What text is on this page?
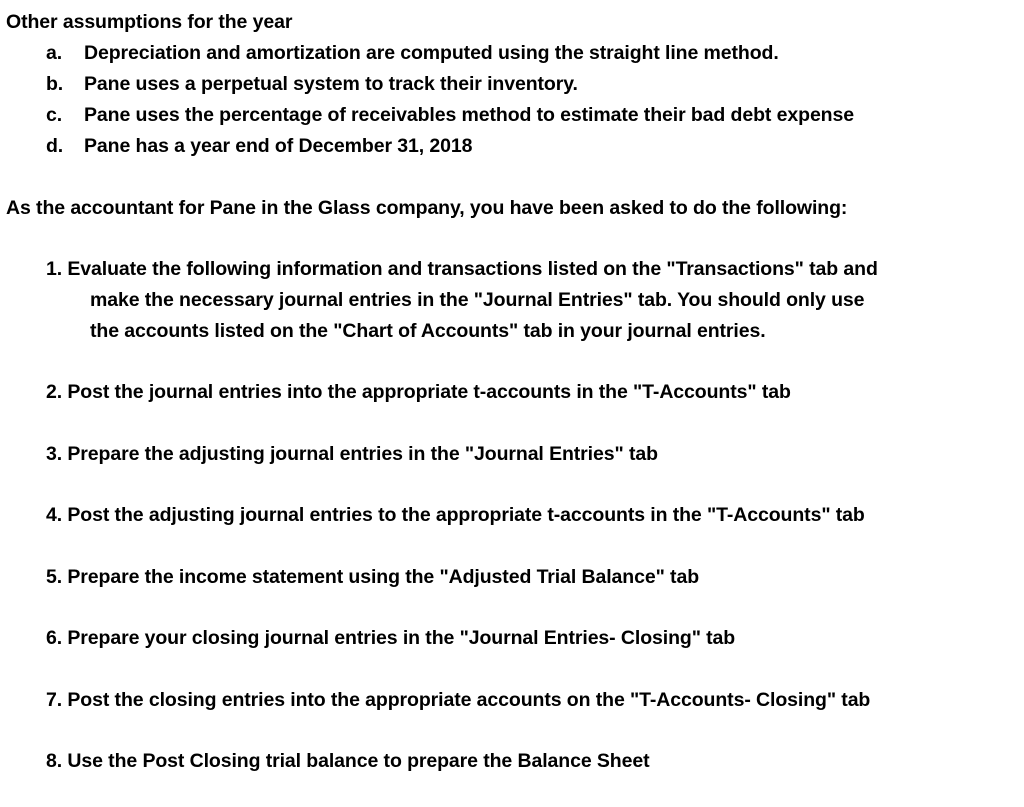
Other assumptions for the year
a. Depreciation and amortization are computed using the straight line method.
b. Pane uses a perpetual system to track their inventory.
c. Pane uses the percentage of receivables method to estimate their bad debt expense
d. Pane has a year end of December 31, 2018
As the accountant for Pane in the Glass company, you have been asked to do the following:
1. Evaluate the following information and transactions listed on the "Transactions" tab and
make the necessary journal entries in the "Journal Entries" tab. You should only use
the accounts listed on the "Chart of Accounts" tab in your journal entries.
2. Post the journal entries into the appropriate t-accounts in the "T-Accounts" tab
3. Prepare the adjusting journal entries in the "Journal Entries" tab
4. Post the adjusting journal entries to the appropriate t-accounts in the "T-Accounts" tab
5. Prepare the income statement using the "Adjusted Trial Balance" tab
6. Prepare your closing journal entries in the "Journal Entries- Closing" tab
7. Post the closing entries into the appropriate accounts on the "T-Accounts- Closing" tab
8. Use the Post Closing trial balance to prepare the Balance Sheet
